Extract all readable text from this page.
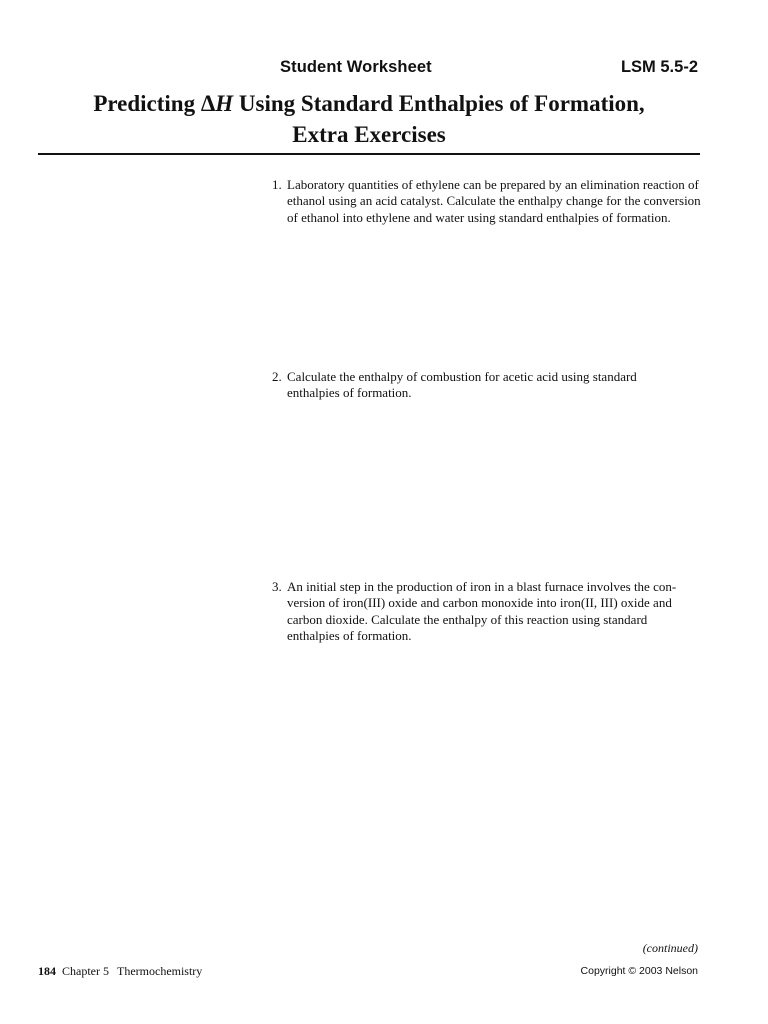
Student Worksheet	LSM 5.5-2
Predicting ΔH Using Standard Enthalpies of Formation,
Extra Exercises
1. Laboratory quantities of ethylene can be prepared by an elimination reaction of
ethanol using an acid catalyst. Calculate the enthalpy change for the conversion
of ethanol into ethylene and water using standard enthalpies of formation.
2. Calculate the enthalpy of combustion for acetic acid using standard
enthalpies of formation.
3. An initial step in the production of iron in a blast furnace involves the con-
version of iron(III) oxide and carbon monoxide into iron(II, III) oxide and
carbon dioxide. Calculate the enthalpy of this reaction using standard
enthalpies of formation.
(continued)
184 Chapter 5 Thermochemistry	Copyright © 2003 Nelson
